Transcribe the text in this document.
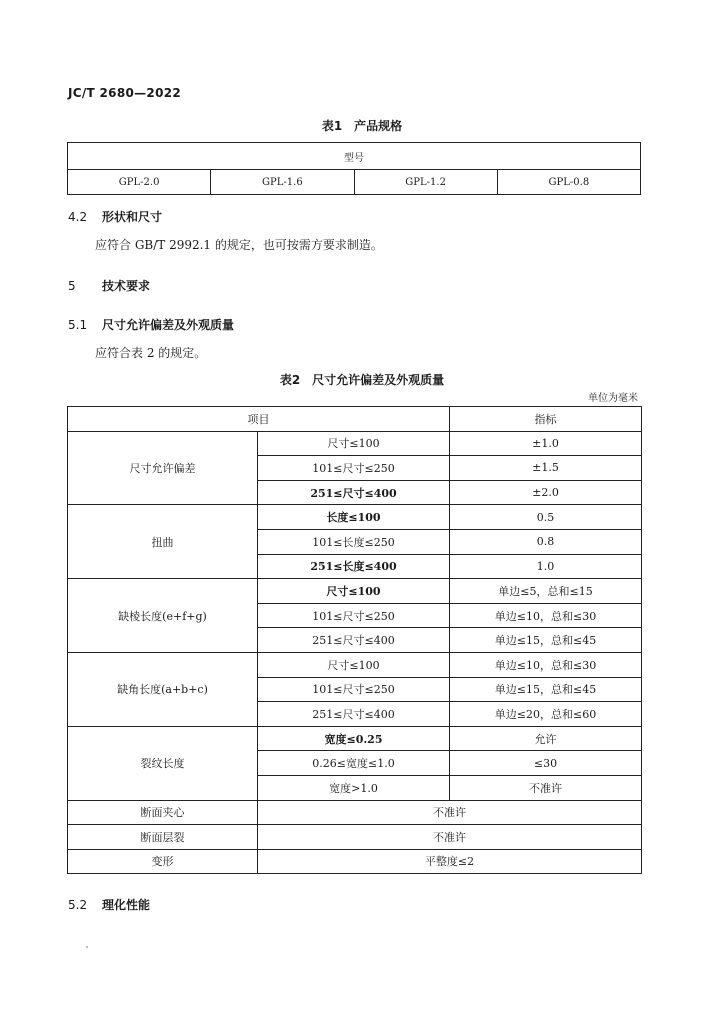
JC/T 2680—2022
表1　产品规格
型号
GPL-2.0	GPL-1.6	GPL-1.2	GPL-0.8
4.2 形状和尺寸
应符合 GB/T 2992.1 的规定，也可按需方要求制造。
5 技术要求
5.1 尺寸允许偏差及外观质量
应符合表 2 的规定。
表2　尺寸允许偏差及外观质量
单位为毫米
项目		指标
尺寸允许偏差	尺寸≤100	±1.0
	101≤尺寸≤250	±1.5
	251≤尺寸≤400	±2.0
扭曲	长度≤100	0.5
	101≤长度≤250	0.8
	251≤长度≤400	1.0
缺棱长度(e+f+g)	尺寸≤100	单边≤5，总和≤15
	101≤尺寸≤250	单边≤10，总和≤30
	251≤尺寸≤400	单边≤15，总和≤45
缺角长度(a+b+c)	尺寸≤100	单边≤10，总和≤30
	101≤尺寸≤250	单边≤15，总和≤45
	251≤尺寸≤400	单边≤20，总和≤60
裂纹长度	宽度≤0.25	允许
	0.26≤宽度≤1.0	≤30
	宽度>1.0	不准许
断面夹心	不准许	
断面层裂	不准许	
变形	平整度≤2	
5.2 理化性能
